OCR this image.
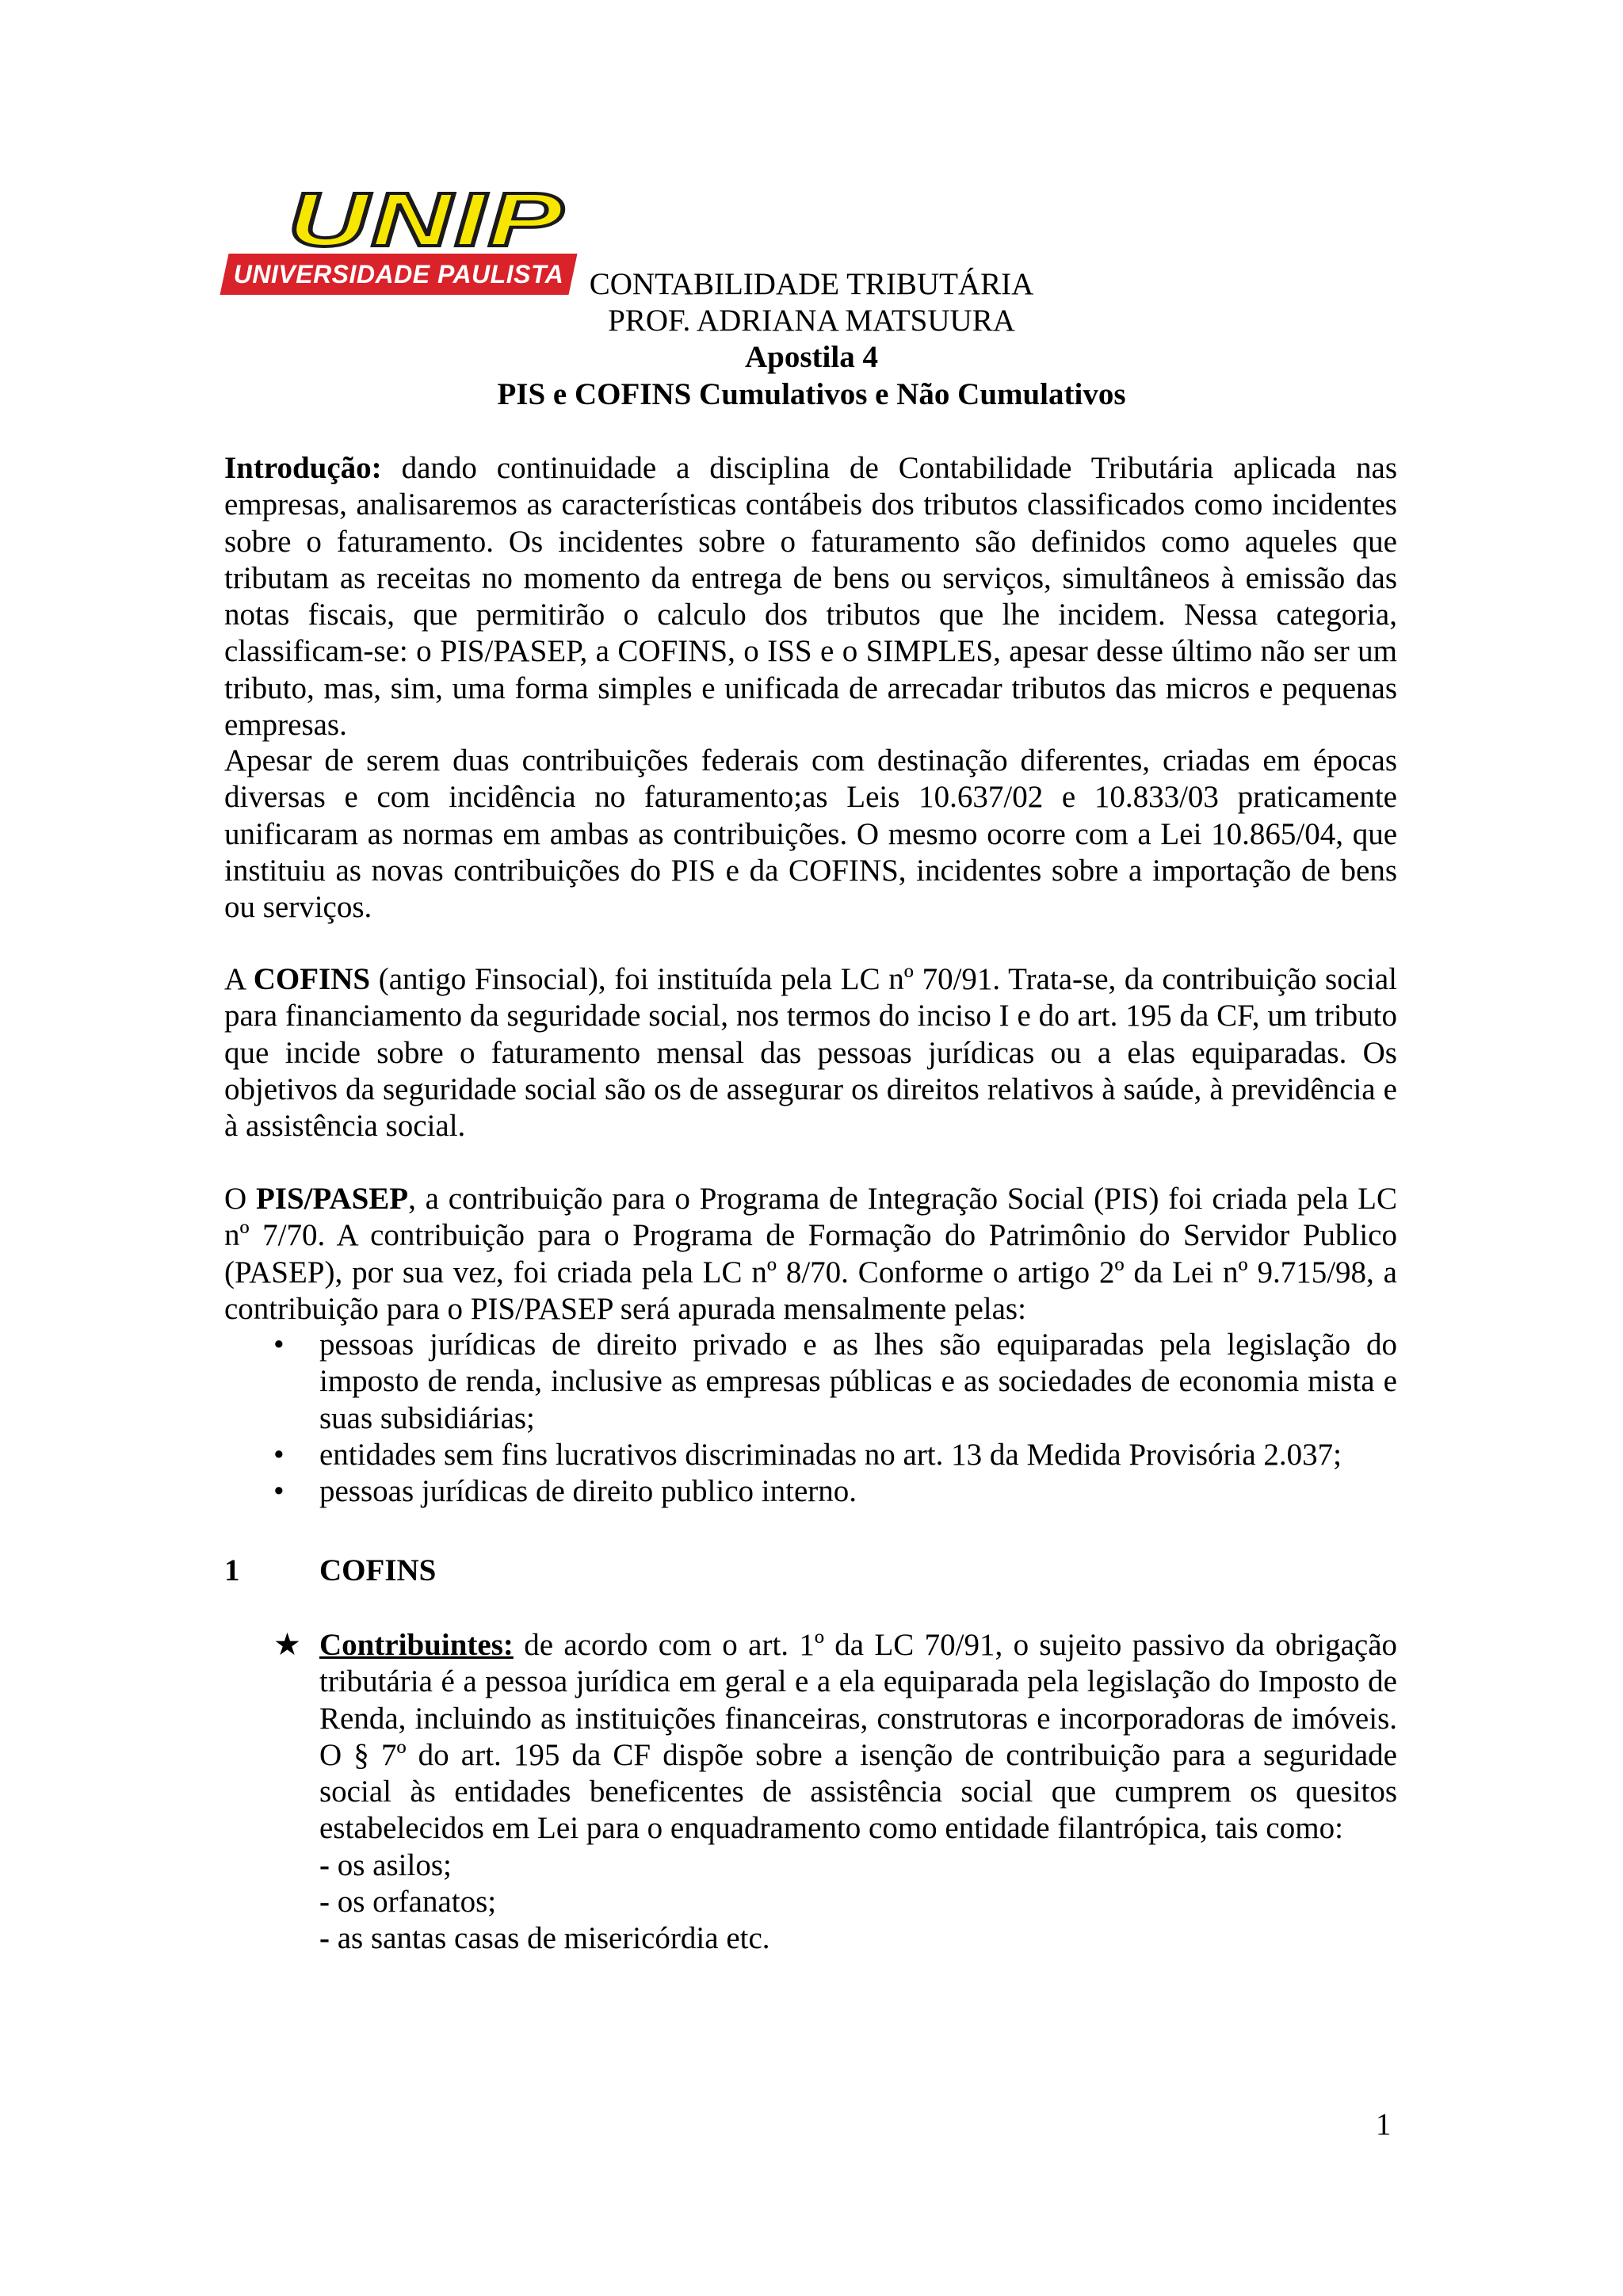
UNIP
UNIVERSIDADE PAULISTA CONTABILIDADE TRIBUTÁRIA
PROF. ADRIANA MATSUURA
Apostila 4
PIS e COFINS Cumulativos e Não Cumulativos
Introdução: dando continuidade a disciplina de Contabilidade Tributária aplicada nas empresas, analisaremos as características contábeis dos tributos classificados como incidentes sobre o faturamento. Os incidentes sobre o faturamento são definidos como aqueles que tributam as receitas no momento da entrega de bens ou serviços, simultâneos à emissão das notas fiscais, que permitirão o calculo dos tributos que lhe incidem. Nessa categoria, classificam-se: o PIS/PASEP, a COFINS, o ISS e o SIMPLES, apesar desse último não ser um tributo, mas, sim, uma forma simples e unificada de arrecadar tributos das micros e pequenas empresas.
Apesar de serem duas contribuições federais com destinação diferentes, criadas em épocas diversas e com incidência no faturamento;as Leis 10.637/02 e 10.833/03 praticamente unificaram as normas em ambas as contribuições. O mesmo ocorre com a Lei 10.865/04, que instituiu as novas contribuições do PIS e da COFINS, incidentes sobre a importação de bens ou serviços.
A COFINS (antigo Finsocial), foi instituída pela LC nº 70/91. Trata-se, da contribuição social para financiamento da seguridade social, nos termos do inciso I e do art. 195 da CF, um tributo que incide sobre o faturamento mensal das pessoas jurídicas ou a elas equiparadas. Os objetivos da seguridade social são os de assegurar os direitos relativos à saúde, à previdência e à assistência social.
O PIS/PASEP, a contribuição para o Programa de Integração Social (PIS) foi criada pela LC nº 7/70. A contribuição para o Programa de Formação do Patrimônio do Servidor Publico (PASEP), por sua vez, foi criada pela LC nº 8/70. Conforme o artigo 2º da Lei nº 9.715/98, a contribuição para o PIS/PASEP será apurada mensalmente pelas:
• pessoas jurídicas de direito privado e as lhes são equiparadas pela legislação do imposto de renda, inclusive as empresas públicas e as sociedades de economia mista e suas subsidiárias;
• entidades sem fins lucrativos discriminadas no art. 13 da Medida Provisória 2.037;
• pessoas jurídicas de direito publico interno.
1	COFINS
★ Contribuintes: de acordo com o art. 1º da LC 70/91, o sujeito passivo da obrigação tributária é a pessoa jurídica em geral e a ela equiparada pela legislação do Imposto de Renda, incluindo as instituições financeiras, construtoras e incorporadoras de imóveis. O § 7º do art. 195 da CF dispõe sobre a isenção de contribuição para a seguridade social às entidades beneficentes de assistência social que cumprem os quesitos estabelecidos em Lei para o enquadramento como entidade filantrópica, tais como:
- os asilos;
- os orfanatos;
- as santas casas de misericórdia etc.
1
